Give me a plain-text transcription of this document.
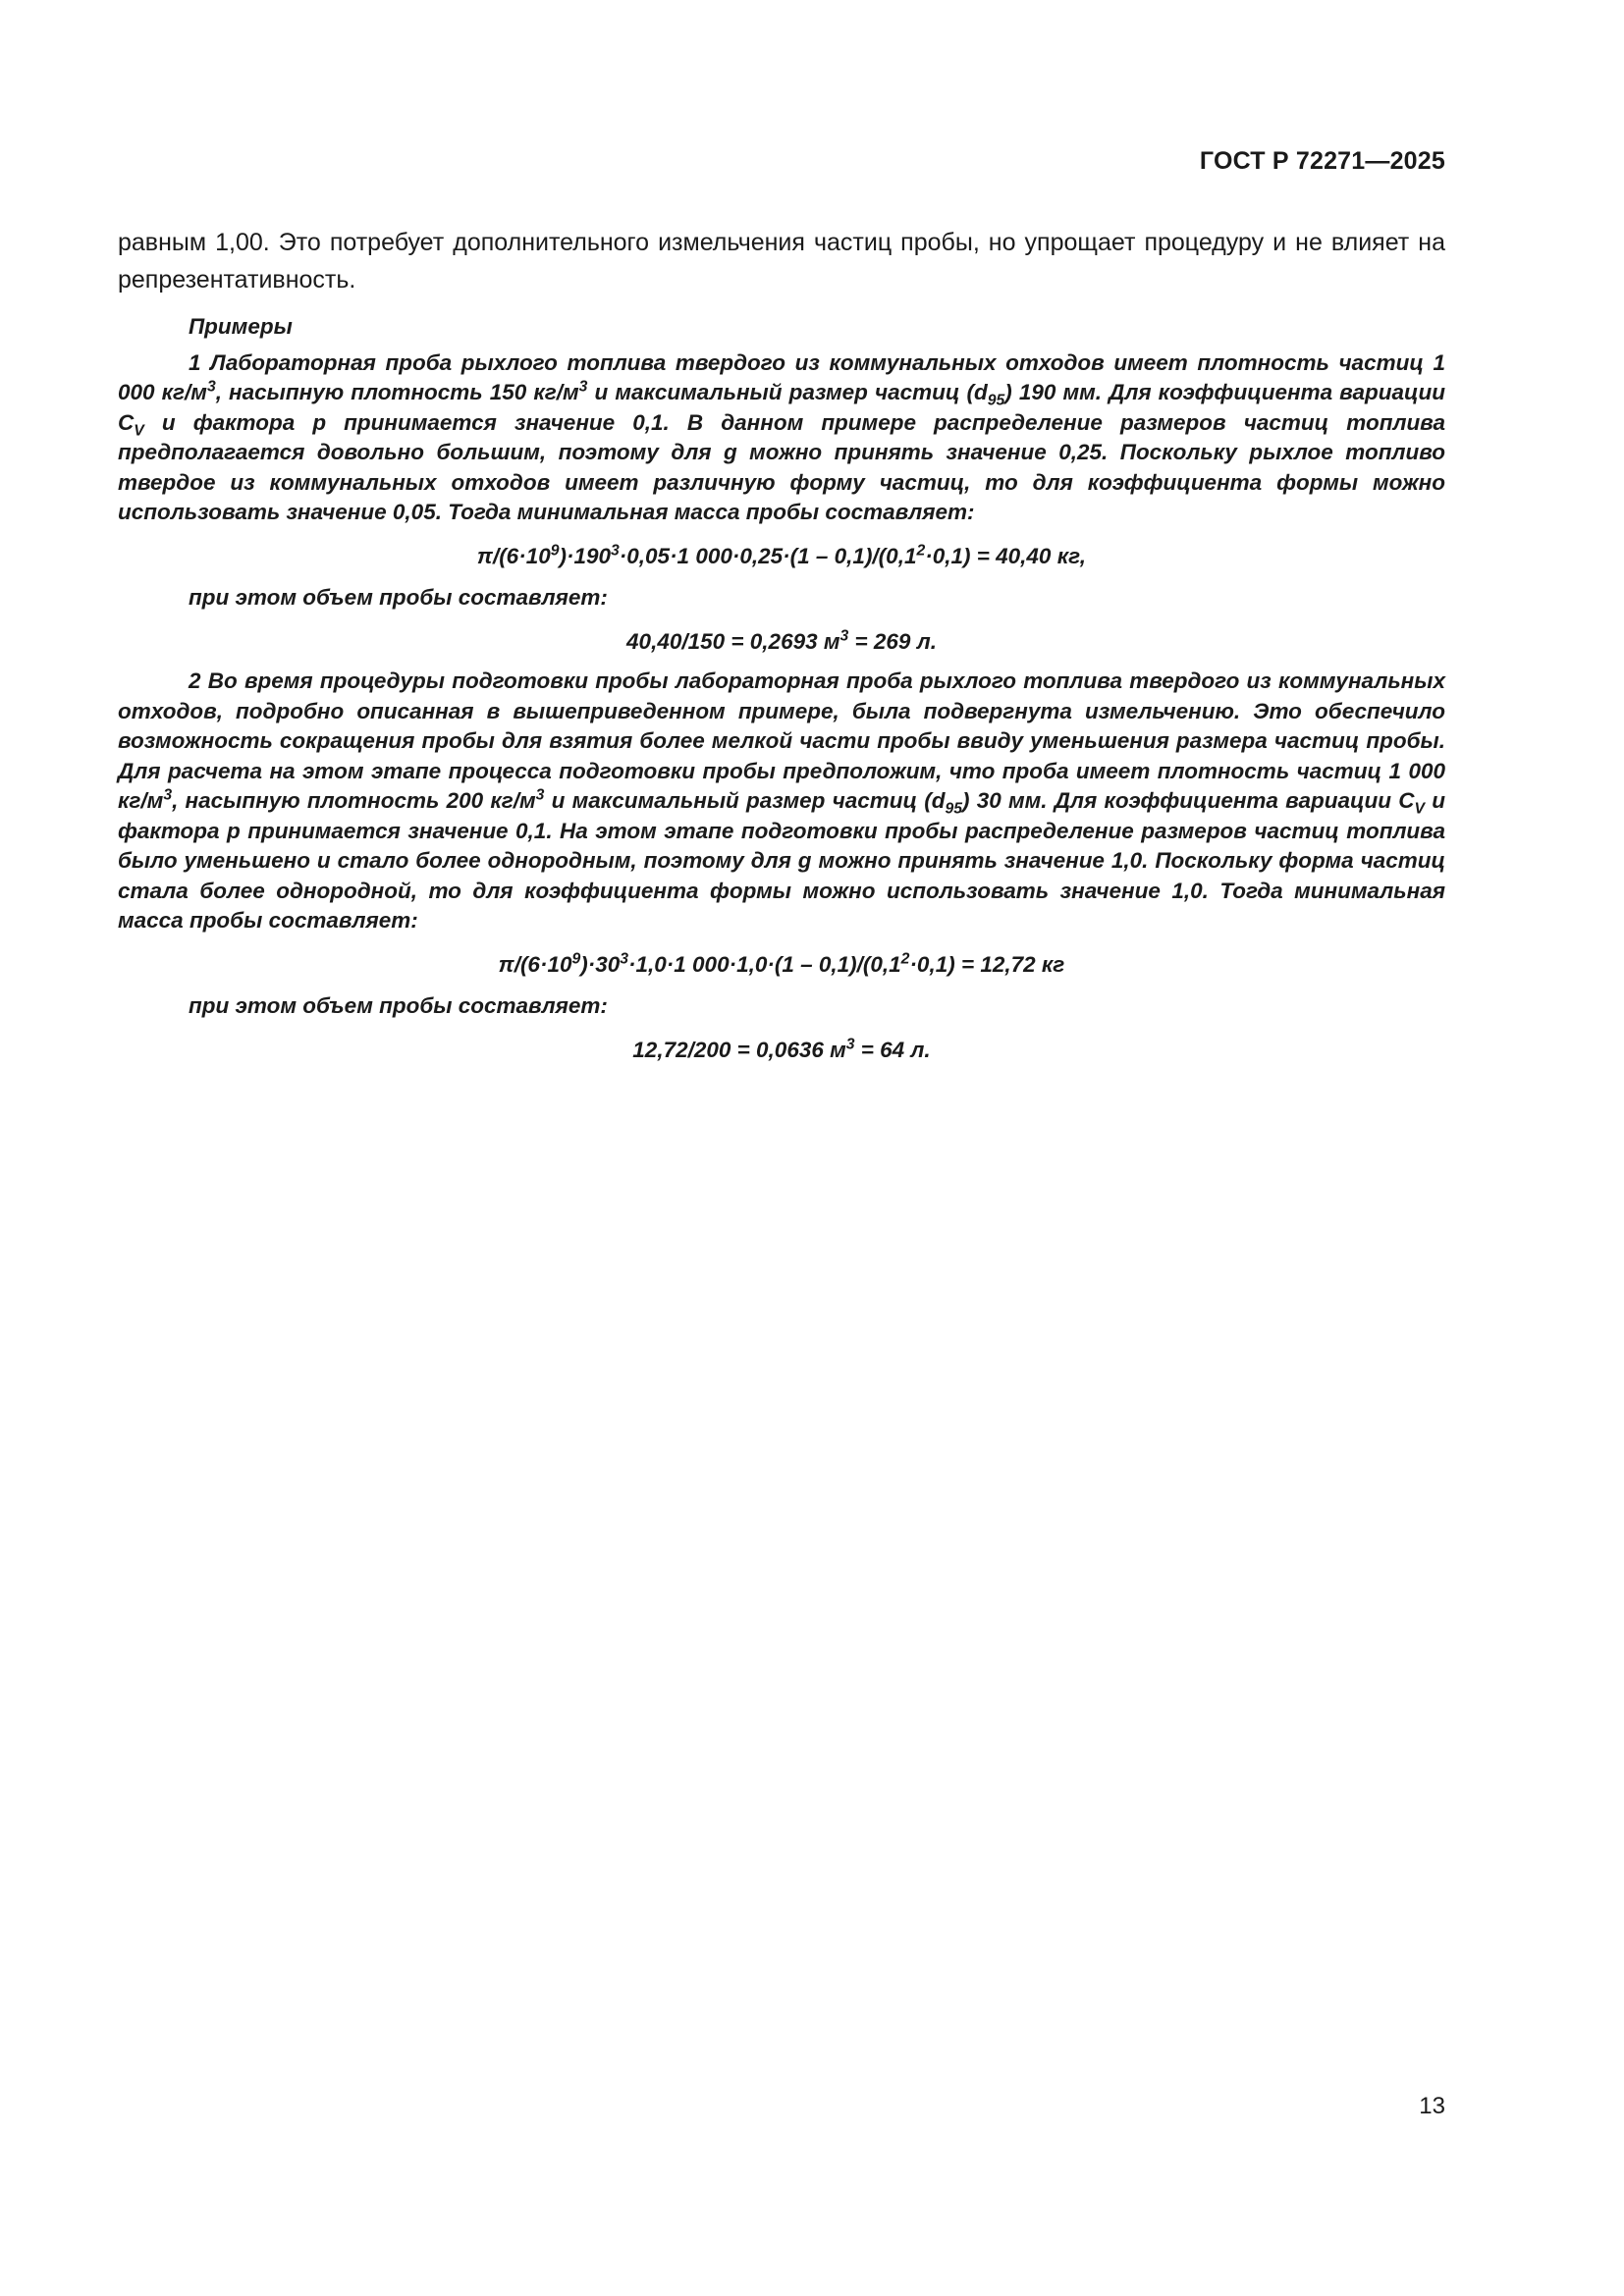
ГОСТ Р 72271—2025

равным 1,00. Это потребует дополнительного измельчения частиц пробы, но упрощает процедуру и не влияет на репрезентативность.

Примеры

1 Лабораторная проба рыхлого топлива твердого из коммунальных отходов имеет плотность частиц 1 000 $кг/м^3$, насыпную плотность 150 $кг/м^3$ и максимальный размер частиц $(d_{95})$ 190 мм. Для коэффициента вариации $C_V$ и фактора p принимается значение 0,1. В данном примере распределение размеров частиц топлива предполагается довольно большим, поэтому для g можно принять значение 0,25. Поскольку рыхлое топливо твердое из коммунальных отходов имеет различную форму частиц, то для коэффициента формы можно использовать значение 0,05. Тогда минимальная масса пробы составляет:

$\pi/(6\cdot 10^9)\cdot 190^3\cdot 0,05\cdot 1$ $000\cdot 0,25\cdot(1 - 0,1)/(0,1^2\cdot 0,1) = 40,40$ кг,

при этом объем пробы составляет:

40,40/150 = 0,2693 $м^3 = 269$ л.

2 Во время процедуры подготовки пробы лабораторная проба рыхлого топлива твердого из коммунальных отходов, подробно описанная в вышеприведенном примере, была подвергнута измельчению. Это обеспечило возможность сокращения пробы для взятия более мелкой части пробы ввиду уменьшения размера частиц пробы. Для расчета на этом этапе процесса подготовки пробы предположим, что проба имеет плотность частиц 1 000 $кг/м^3$, насыпную плотность 200 $кг/м^3$ и максимальный размер частиц $(d_{95})$ 30 мм. Для коэффициента вариации $C_V$ и фактора p принимается значение 0,1. На этом этапе подготовки пробы распределение размеров частиц топлива было уменьшено и стало более однородным, поэтому для g можно принять значение 1,0. Поскольку форма частиц стала более однородной, то для коэффициента формы можно использовать значение 1,0. Тогда минимальная масса пробы составляет:

$\pi/(6\cdot 10^9)\cdot 30^3\cdot 1,0\cdot 1$ $000\cdot 1,0\cdot(1 - 0,1)/(0,1^2\cdot 0,1) = 12,72$ кг

при этом объем пробы составляет:

12,72/200 = 0,0636 $м^3 = 64$ л.

13
